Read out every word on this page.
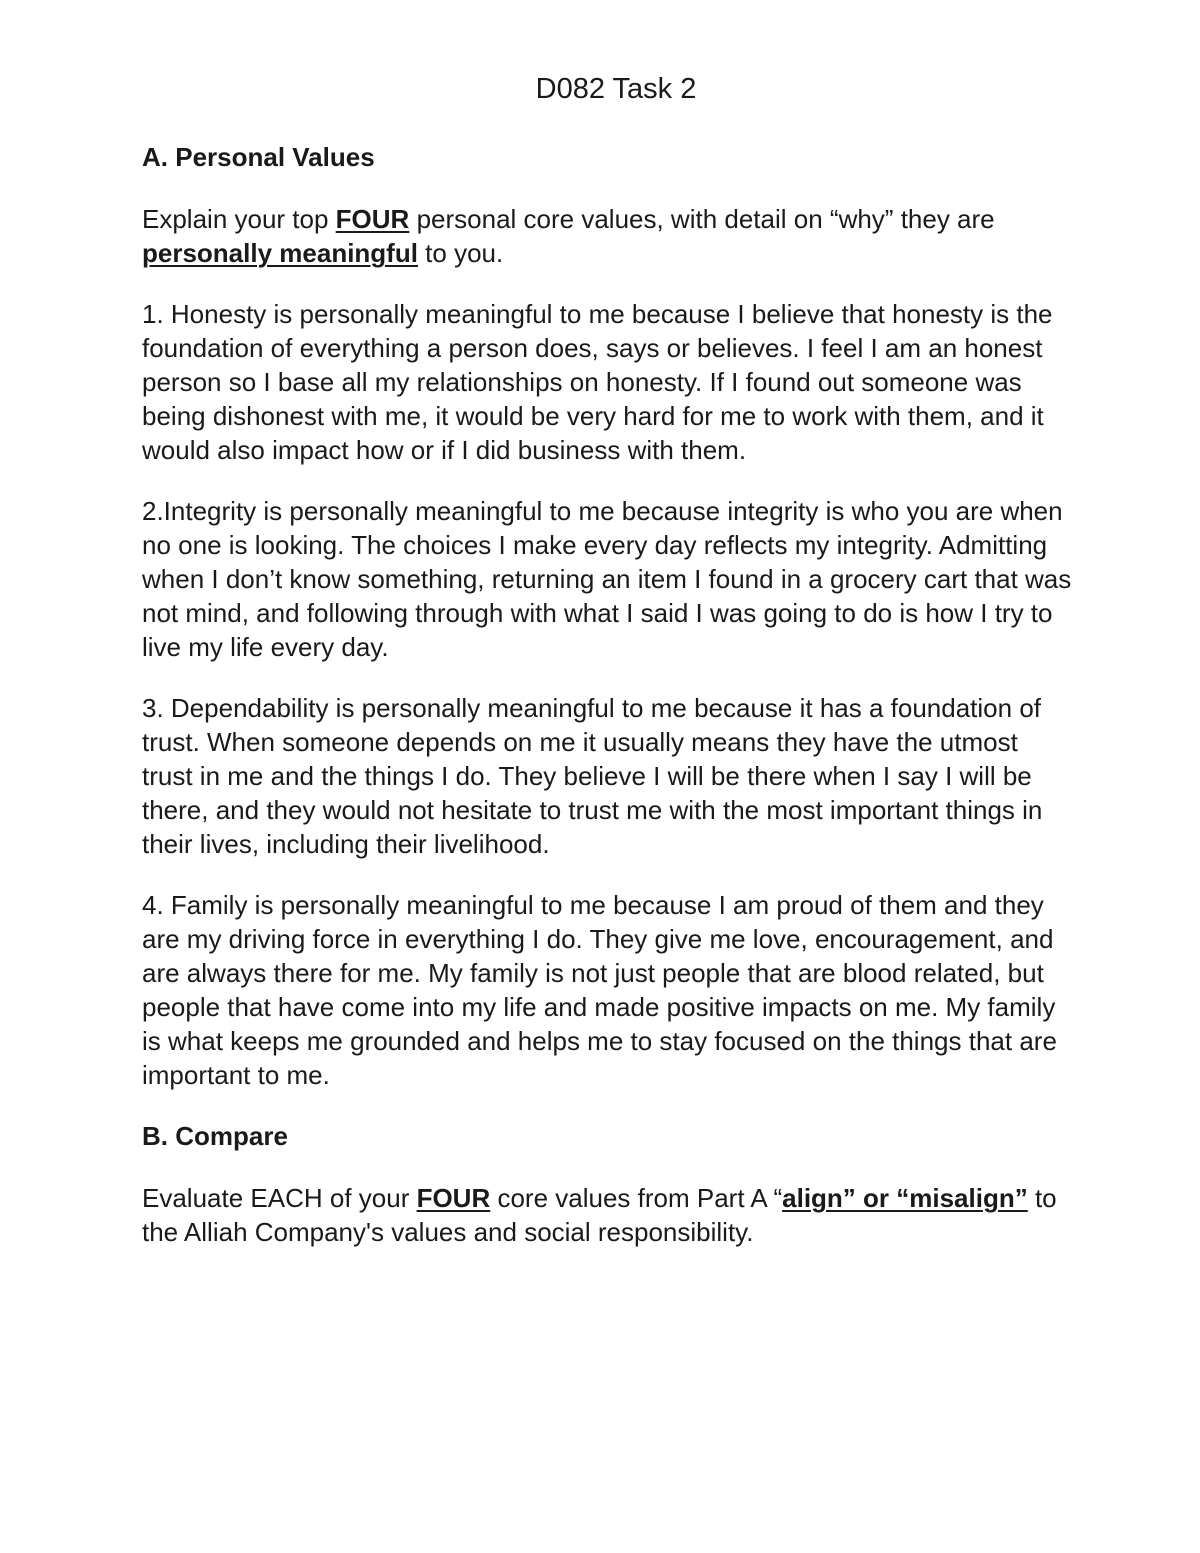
D082 Task 2
A. Personal Values
Explain your top FOUR personal core values, with detail on “why” they are personally meaningful to you.
1. Honesty is personally meaningful to me because I believe that honesty is the foundation of everything a person does, says or believes. I feel I am an honest person so I base all my relationships on honesty. If I found out someone was being dishonest with me, it would be very hard for me to work with them, and it would also impact how or if I did business with them.
2.Integrity is personally meaningful to me because integrity is who you are when no one is looking. The choices I make every day reflects my integrity. Admitting when I don’t know something, returning an item I found in a grocery cart that was not mind, and following through with what I said I was going to do is how I try to live my life every day.
3. Dependability is personally meaningful to me because it has a foundation of trust. When someone depends on me it usually means they have the utmost trust in me and the things I do. They believe I will be there when I say I will be there, and they would not hesitate to trust me with the most important things in their lives, including their livelihood.
4. Family is personally meaningful to me because I am proud of them and they are my driving force in everything I do. They give me love, encouragement, and are always there for me. My family is not just people that are blood related, but people that have come into my life and made positive impacts on me. My family is what keeps me grounded and helps me to stay focused on the things that are important to me.
B. Compare
Evaluate EACH of your FOUR core values from Part A “align” or “misalign” to the Alliah Company's values and social responsibility.
